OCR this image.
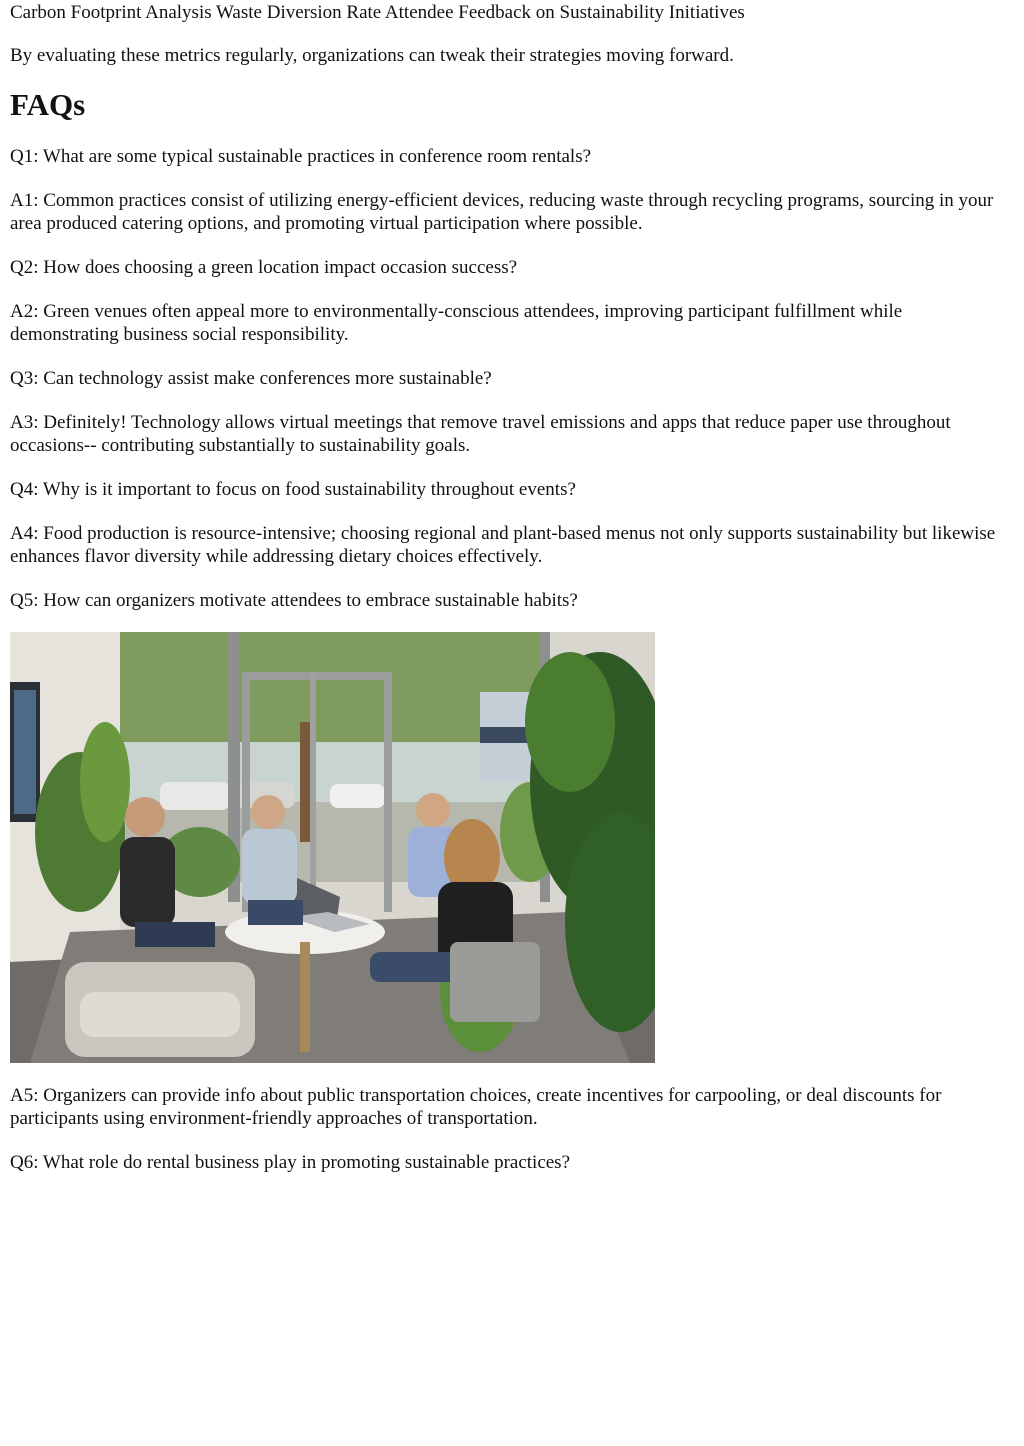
Carbon Footprint Analysis Waste Diversion Rate Attendee Feedback on Sustainability Initiatives

By evaluating these metrics regularly, organizations can tweak their strategies moving forward.

FAQs

Q1: What are some typical sustainable practices in conference room rentals?

A1: Common practices consist of utilizing energy-efficient devices, reducing waste through recycling programs, sourcing in your area produced catering options, and promoting virtual participation where possible.

Q2: How does choosing a green location impact occasion success?

A2: Green venues often appeal more to environmentally-conscious attendees, improving participant fulfillment while demonstrating business social responsibility.

Q3: Can technology assist make conferences more sustainable?

A3: Definitely! Technology allows virtual meetings that remove travel emissions and apps that reduce paper use throughout occasions-- contributing substantially to sustainability goals.

Q4: Why is it important to focus on food sustainability throughout events?

A4: Food production is resource-intensive; choosing regional and plant-based menus not only supports sustainability but likewise enhances flavor diversity while addressing dietary choices effectively.

Q5: How can organizers motivate attendees to embrace sustainable habits?

A5: Organizers can provide info about public transportation choices, create incentives for carpooling, or deal discounts for participants using environment-friendly approaches of transportation.

Q6: What role do rental business play in promoting sustainable practices?
